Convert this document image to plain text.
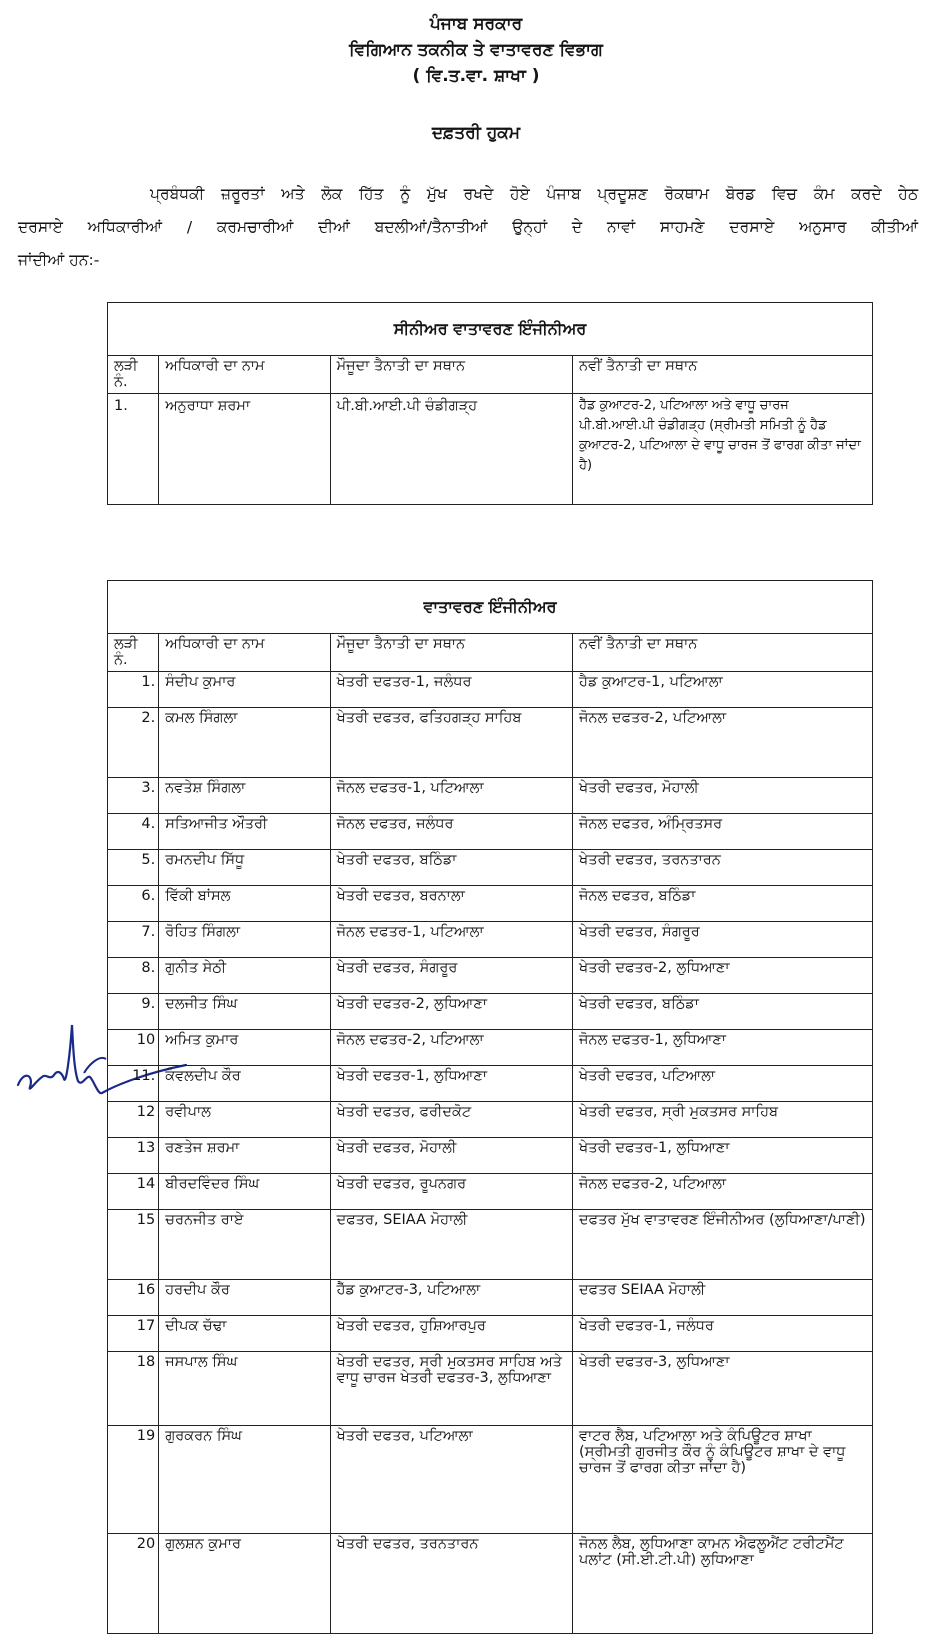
ਪੰਜਾਬ ਸਰਕਾਰ
ਵਿਗਿਆਨ ਤਕਨੀਕ ਤੇ ਵਾਤਾਵਰਣ ਵਿਭਾਗ
( ਵਿ.ਤ.ਵਾ. ਸ਼ਾਖਾ )
ਦਫ਼ਤਰੀ ਹੁਕਮ
ਪ੍ਰਬੰਧਕੀ ਜ਼ਰੂਰਤਾਂ ਅਤੇ ਲੋਕ ਹਿੱਤ ਨੂੰ ਮੁੱਖ ਰਖਦੇ ਹੋਏ ਪੰਜਾਬ ਪ੍ਰਦੂਸ਼ਣ ਰੋਕਥਾਮ ਬੋਰਡ ਵਿਚ ਕੰਮ ਕਰਦੇ ਹੇਠ
ਦਰਸਾਏ ਅਧਿਕਾਰੀਆਂ / ਕਰਮਚਾਰੀਆਂ ਦੀਆਂ ਬਦਲੀਆਂ/ਤੈਨਾਤੀਆਂ ਉਨ੍ਹਾਂ ਦੇ ਨਾਵਾਂ ਸਾਹਮਣੇ ਦਰਸਾਏ ਅਨੁਸਾਰ ਕੀਤੀਆਂ
ਜਾਂਦੀਆਂ ਹਨ:-
ਸੀਨੀਅਰ ਵਾਤਾਵਰਣ ਇੰਜੀਨੀਅਰ			
ਲੜੀ ਨੰ.	ਅਧਿਕਾਰੀ ਦਾ ਨਾਮ	ਮੌਜੂਦਾ ਤੈਨਾਤੀ ਦਾ ਸਥਾਨ	ਨਵੀਂ ਤੈਨਾਤੀ ਦਾ ਸਥਾਨ
1.	ਅਨੁਰਾਧਾ ਸ਼ਰਮਾ	ਪੀ.ਬੀ.ਆਈ.ਪੀ ਚੰਡੀਗੜ੍ਹ	ਹੈੱਡ ਕੁਆਟਰ-2, ਪਟਿਆਲਾ ਅਤੇ ਵਾਧੂ ਚਾਰਜ ਪੀ.ਬੀ.ਆਈ.ਪੀ ਚੰਡੀਗੜ੍ਹ (ਸ੍ਰੀਮਤੀ ਸਮਿਤੀ ਨੂੰ ਹੈਡ ਕੁਆਟਰ-2, ਪਟਿਆਲਾ ਦੇ ਵਾਧੂ ਚਾਰਜ ਤੋਂ ਫਾਰਗ ਕੀਤਾ ਜਾਂਦਾ ਹੈ)
ਵਾਤਾਵਰਣ ਇੰਜੀਨੀਅਰ			
ਲੜੀ ਨੰ.	ਅਧਿਕਾਰੀ ਦਾ ਨਾਮ	ਮੌਜੂਦਾ ਤੈਨਾਤੀ ਦਾ ਸਥਾਨ	ਨਵੀਂ ਤੈਨਾਤੀ ਦਾ ਸਥਾਨ
1.	ਸੰਦੀਪ ਕੁਮਾਰ	ਖੇਤਰੀ ਦਫਤਰ-1, ਜਲੰਧਰ	ਹੈਡ ਕੁਆਟਰ-1, ਪਟਿਆਲਾ
2.	ਕਮਲ ਸਿੰਗਲਾ	ਖੇਤਰੀ ਦਫਤਰ, ਫਤਿਹਗੜ੍ਹ ਸਾਹਿਬ	ਜੋਨਲ ਦਫਤਰ-2, ਪਟਿਆਲਾ
3.	ਨਵਤੇਸ਼ ਸਿੰਗਲਾ	ਜੋਨਲ ਦਫਤਰ-1, ਪਟਿਆਲਾ	ਖੇਤਰੀ ਦਫਤਰ, ਮੋਹਾਲੀ
4.	ਸਤਿਆਜੀਤ ਔਤਰੀ	ਜੋਨਲ ਦਫਤਰ, ਜਲੰਧਰ	ਜੋਨਲ ਦਫਤਰ, ਅੰਮ੍ਰਿਤਸਰ
5.	ਰਮਨਦੀਪ ਸਿੱਧੂ	ਖੇਤਰੀ ਦਫਤਰ, ਬਠਿੰਡਾ	ਖੇਤਰੀ ਦਫਤਰ, ਤਰਨਤਾਰਨ
6.	ਵਿੱਕੀ ਬਾਂਸਲ	ਖੇਤਰੀ ਦਫਤਰ, ਬਰਨਾਲਾ	ਜੋਨਲ ਦਫਤਰ, ਬਠਿੰਡਾ
7.	ਰੋਹਿਤ ਸਿੰਗਲਾ	ਜੋਨਲ ਦਫਤਰ-1, ਪਟਿਆਲਾ	ਖੇਤਰੀ ਦਫਤਰ, ਸੰਗਰੂਰ
8.	ਗੁਨੀਤ ਸੇਠੀ	ਖੇਤਰੀ ਦਫਤਰ, ਸੰਗਰੂਰ	ਖੇਤਰੀ ਦਫਤਰ-2, ਲੁਧਿਆਣਾ
9.	ਦਲਜੀਤ ਸਿੰਘ	ਖੇਤਰੀ ਦਫਤਰ-2, ਲੁਧਿਆਣਾ	ਖੇਤਰੀ ਦਫਤਰ, ਬਠਿੰਡਾ
10	ਅਮਿਤ ਕੁਮਾਰ	ਜੋਨਲ ਦਫਤਰ-2, ਪਟਿਆਲਾ	ਜੋਨਲ ਦਫਤਰ-1, ਲੁਧਿਆਣਾ
11.	ਕੰਵਲਦੀਪ ਕੌਰ	ਖੇਤਰੀ ਦਫਤਰ-1, ਲੁਧਿਆਣਾ	ਖੇਤਰੀ ਦਫਤਰ, ਪਟਿਆਲਾ
12	ਰਵੀਪਾਲ	ਖੇਤਰੀ ਦਫਤਰ, ਫਰੀਦਕੋਟ	ਖੇਤਰੀ ਦਫਤਰ, ਸ੍ਰੀ ਮੁਕਤਸਰ ਸਾਹਿਬ
13	ਰਣਤੇਜ ਸ਼ਰਮਾ	ਖੇਤਰੀ ਦਫਤਰ, ਮੋਹਾਲੀ	ਖੇਤਰੀ ਦਫਤਰ-1, ਲੁਧਿਆਣਾ
14	ਬੀਰਦਵਿੰਦਰ ਸਿੰਘ	ਖੇਤਰੀ ਦਫਤਰ, ਰੂਪਨਗਰ	ਜੋਨਲ ਦਫਤਰ-2, ਪਟਿਆਲਾ
15	ਚਰਨਜੀਤ ਰਾਏ	ਦਫਤਰ, SEIAA ਮੋਹਾਲੀ	ਦਫਤਰ ਮੁੱਖ ਵਾਤਾਵਰਣ ਇੰਜੀਨੀਅਰ (ਲੁਧਿਆਣਾ/ਪਾਣੀ)
16	ਹਰਦੀਪ ਕੌਰ	ਹੈੱਡ ਕੁਆਟਰ-3, ਪਟਿਆਲਾ	ਦਫਤਰ SEIAA ਮੋਹਾਲੀ
17	ਦੀਪਕ ਚੱਢਾ	ਖੇਤਰੀ ਦਫਤਰ, ਹੁਸ਼ਿਆਰਪੁਰ	ਖੇਤਰੀ ਦਫਤਰ-1, ਜਲੰਧਰ
18	ਜਸਪਾਲ ਸਿੰਘ	ਖੇਤਰੀ ਦਫਤਰ, ਸ੍ਰੀ ਮੁਕਤਸਰ ਸਾਹਿਬ ਅਤੇ ਵਾਧੂ ਚਾਰਜ ਖੇਤਰੀ ਦਫਤਰ-3, ਲੁਧਿਆਣਾ	ਖੇਤਰੀ ਦਫਤਰ-3, ਲੁਧਿਆਣਾ
19	ਗੁਰਕਰਨ ਸਿੰਘ	ਖੇਤਰੀ ਦਫਤਰ, ਪਟਿਆਲਾ	ਵਾਟਰ ਲੈਬ, ਪਟਿਆਲਾ ਅਤੇ ਕੰਪਿਊਟਰ ਸ਼ਾਖਾ (ਸ੍ਰੀਮਤੀ ਗੁਰਜੀਤ ਕੌਰ ਨੂੰ ਕੰਪਿਊਟਰ ਸ਼ਾਖਾ ਦੇ ਵਾਧੂ ਚਾਰਜ ਤੋਂ ਫਾਰਗ ਕੀਤਾ ਜਾਂਦਾ ਹੈ)
20	ਗੁਲਸ਼ਨ ਕੁਮਾਰ	ਖੇਤਰੀ ਦਫਤਰ, ਤਰਨਤਾਰਨ	ਜੋਨਲ ਲੈਬ, ਲੁਧਿਆਣਾ ਕਾਮਨ ਐਫਲੂਐਂਟ ਟਰੀਟਮੈਂਟ ਪਲਾਂਟ (ਸੀ.ਈ.ਟੀ.ਪੀ) ਲੁਧਿਆਣਾ
